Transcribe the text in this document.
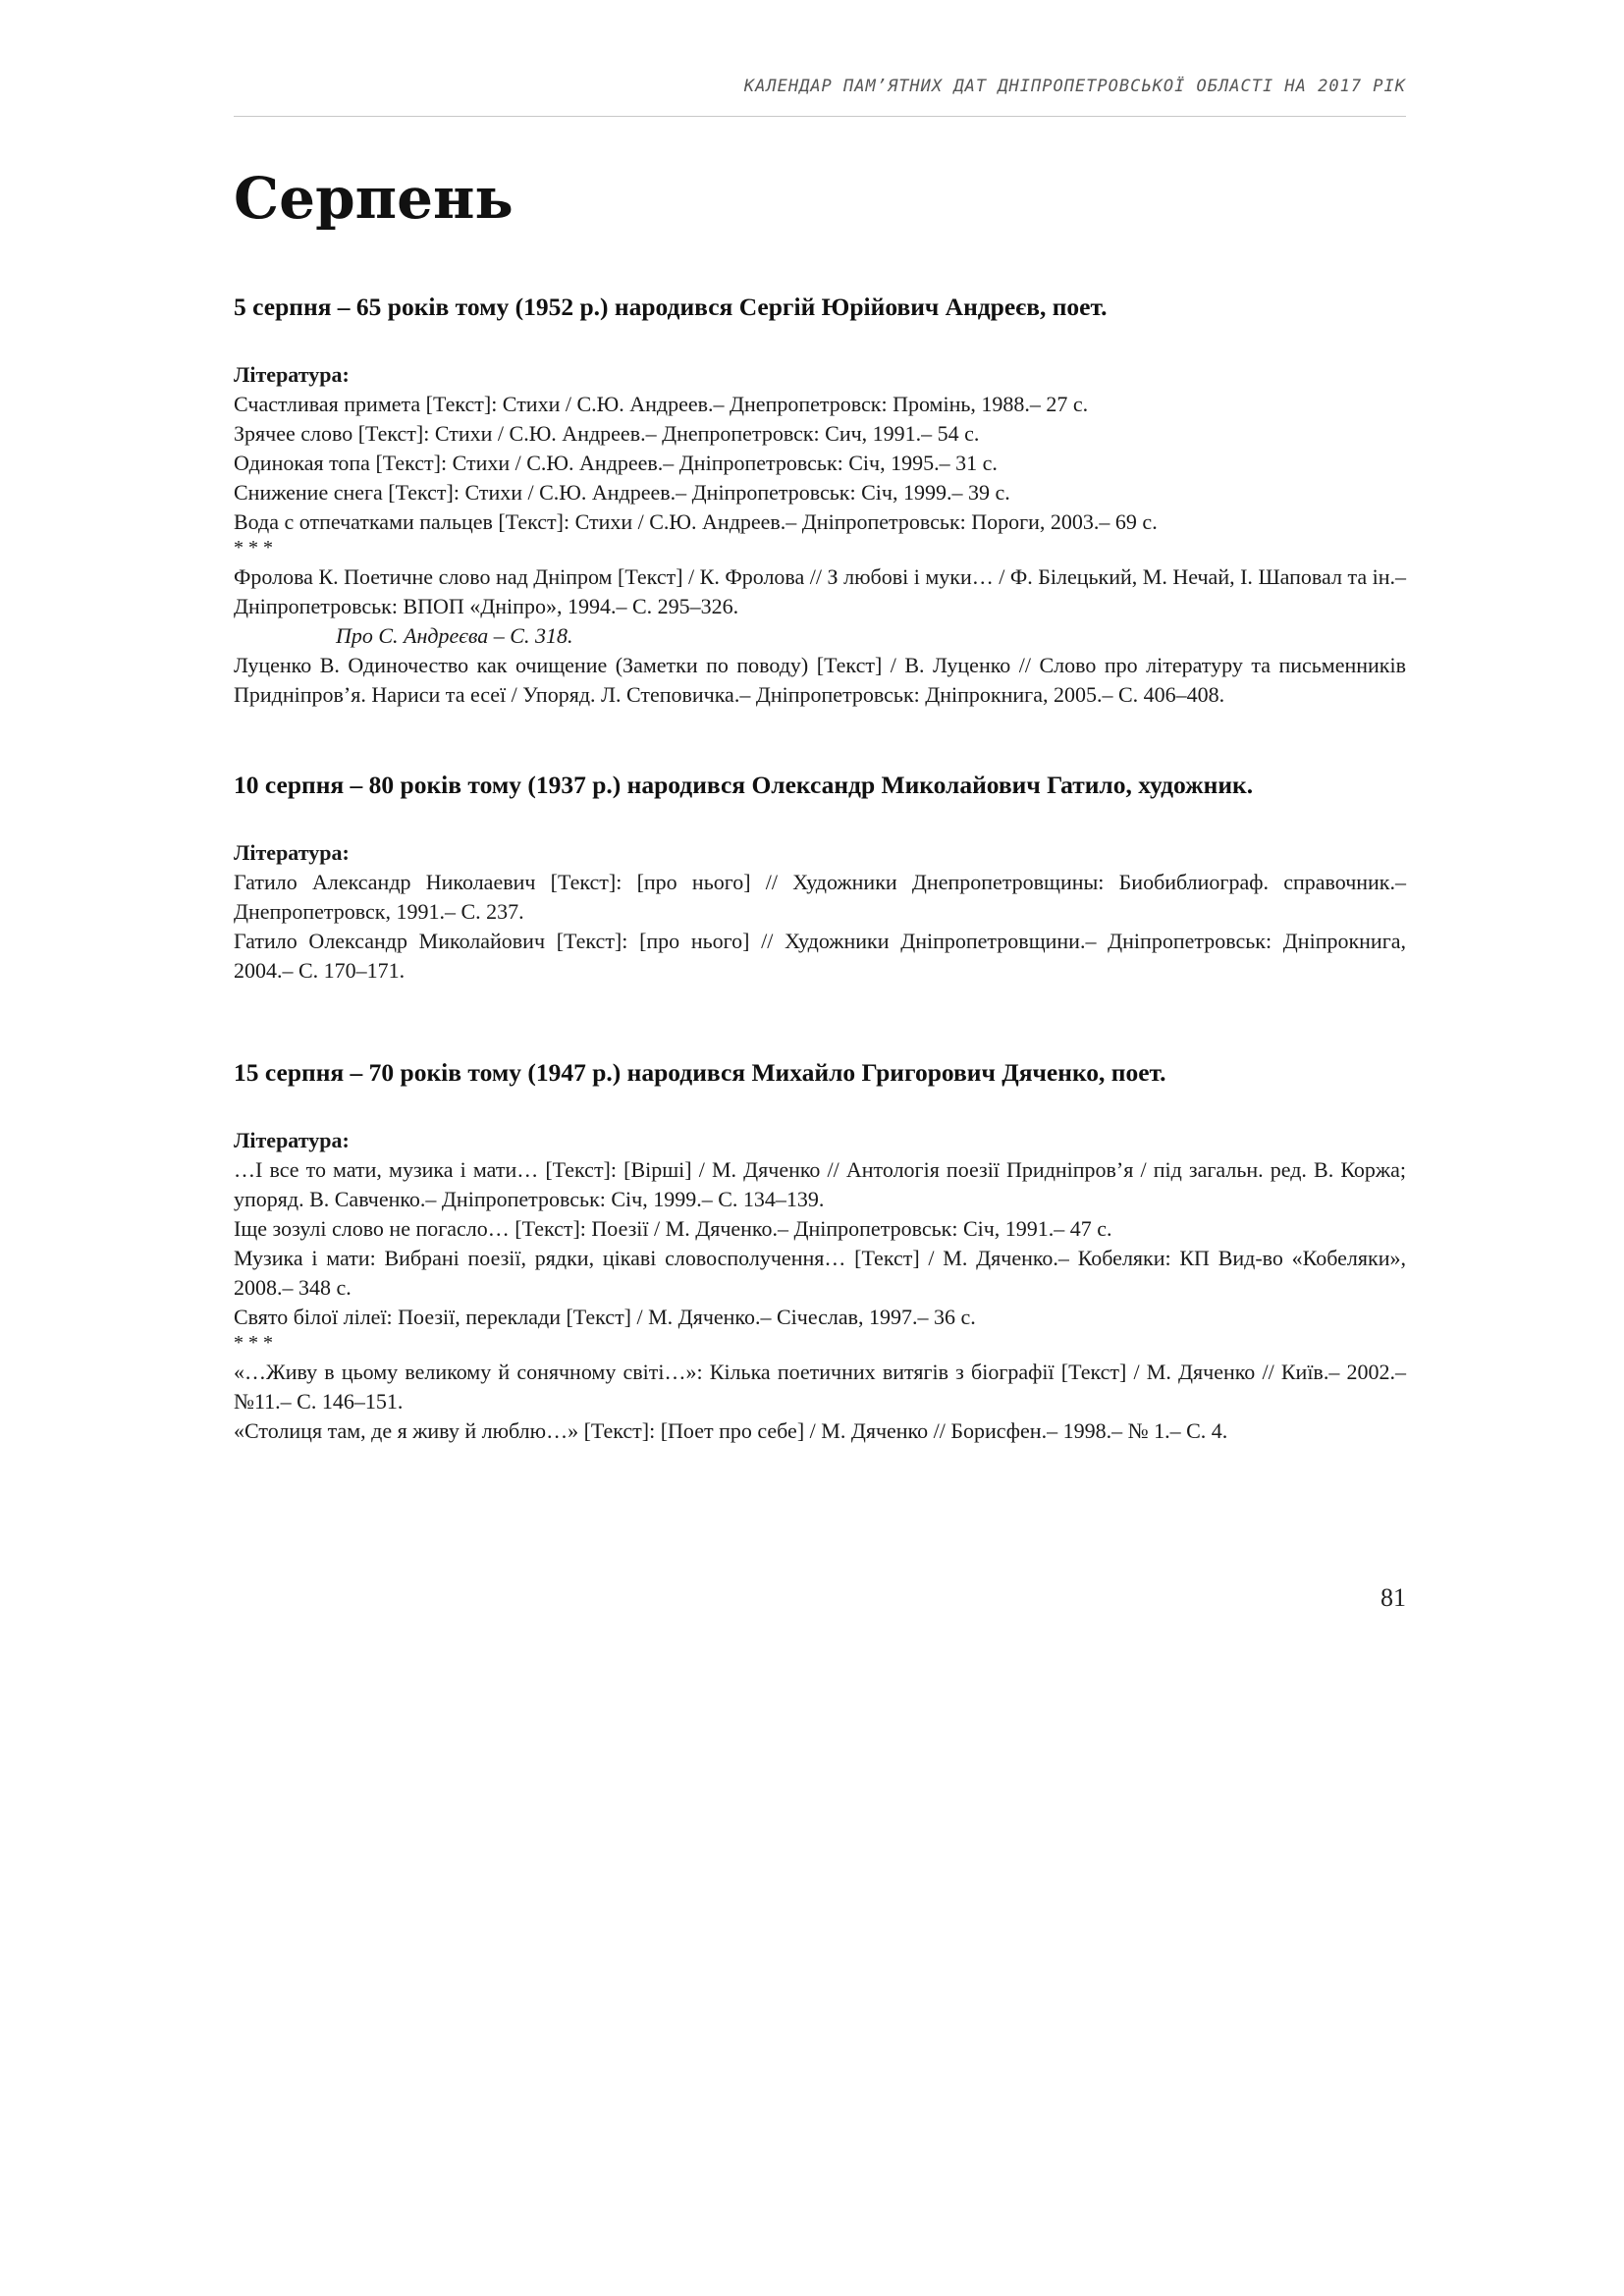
КАЛЕНДАР ПАМ’ЯТНИХ ДАТ ДНІПРОПЕТРОВСЬКОЇ ОБЛАСТІ НА 2017 РІК
Серпень
5 серпня – 65 років тому (1952 р.) народився Сергій Юрійович Андреєв, поет.

Література:

Счастливая примета [Текст]: Стихи / С.Ю. Андреев.– Днепропетровск: Промінь, 1988.– 27 с.

Зрячее слово [Текст]: Стихи / С.Ю. Андреев.– Днепропетровск: Сич, 1991.– 54 с.

Одинокая топа [Текст]: Стихи / С.Ю. Андреев.– Дніпропетровськ: Січ, 1995.– 31 с.

Снижение снега [Текст]: Стихи / С.Ю. Андреев.– Дніпропетровськ: Січ, 1999.– 39 с.

Вода с отпечатками пальцев [Текст]: Стихи / С.Ю. Андреев.– Дніпропетровськ: Пороги, 2003.– 69 с.

* * *

Фролова К. Поетичне слово над Дніпром [Текст] / К. Фролова // З любові і муки… / Ф. Білецький, М. Нечай, І. Шаповал та ін.– Дніпропетровськ: ВПОП «Дніпро», 1994.– С. 295–326.

Про С. Андреєва – С. 318.

Луценко В. Одиночество как очищение (Заметки по поводу) [Текст] / В. Луценко // Слово про літературу та письменників Придніпров’я. Нариси та есеї / Упоряд. Л. Степовичка.– Дніпропетровськ: Дніпрокнига, 2005.– С. 406–408.

10 серпня – 80 років тому (1937 р.) народився Олександр Миколайович Гатило, художник.

Література:

Гатило Александр Николаевич [Текст]: [про нього] // Художники Днепропетровщины: Биобиблиограф. справочник.– Днепропетровск, 1991.– С. 237.

Гатило Олександр Миколайович [Текст]: [про нього] // Художники Дніпропетровщини.– Дніпропетровськ: Дніпрокнига, 2004.– С. 170–171.

15 серпня – 70 років тому (1947 р.) народився Михайло Григорович Дяченко, поет.

Література:

…І все то мати, музика і мати… [Текст]: [Вірші] / М. Дяченко // Антологія поезії Придніпров’я / під загальн. ред. В. Коржа; упоряд. В. Савченко.– Дніпропетровськ: Січ, 1999.– С. 134–139.

Іще зозулі слово не погасло… [Текст]: Поезії / М. Дяченко.– Дніпропетровськ: Січ, 1991.– 47 с.

Музика і мати: Вибрані поезії, рядки, цікаві словосполучення… [Текст] / М. Дяченко.– Кобеляки: КП Вид-во «Кобеляки», 2008.– 348 с.

Свято білої лілеї: Поезії, переклади [Текст] / М. Дяченко.– Січеслав, 1997.– 36 с.

* * *

«…Живу в цьому великому й сонячному світі…»: Кілька поетичних витягів з біографії [Текст] / М. Дяченко // Київ.– 2002.– №11.– С. 146–151.

«Столиця там, де я живу й люблю…» [Текст]: [Поет про себе] / М. Дяченко // Борисфен.– 1998.– № 1.– С. 4.

81
